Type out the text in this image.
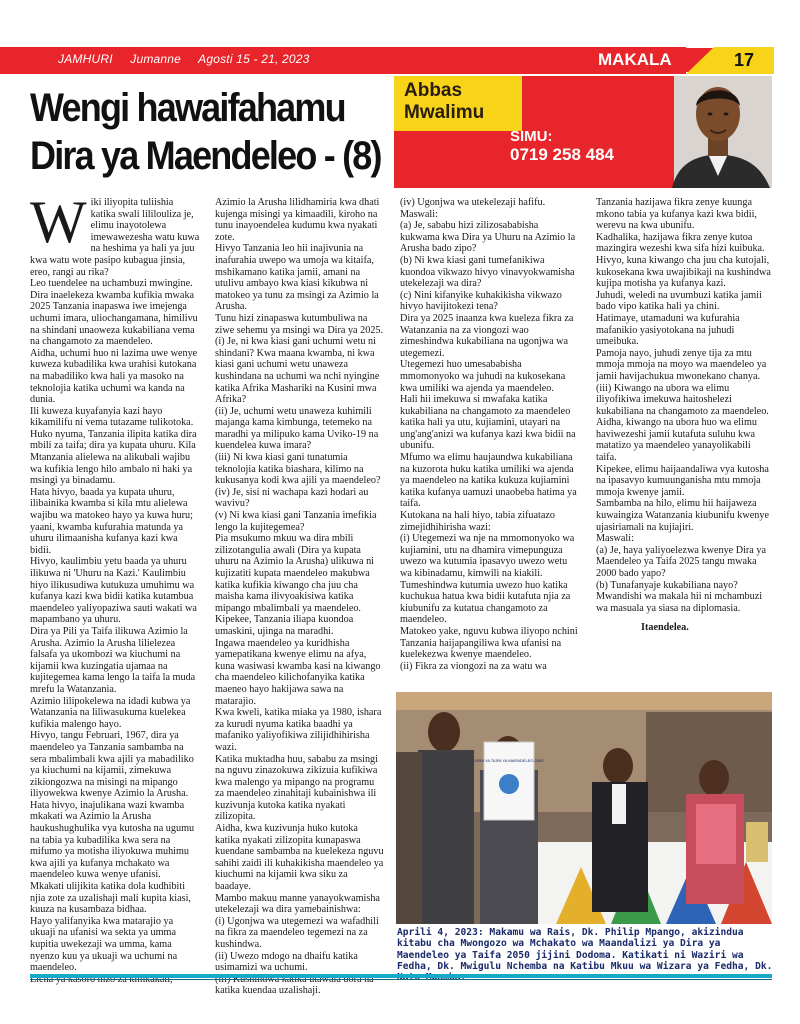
JAMHURI Jumanne Agosti 15 - 21, 2023	MAKALA	17
Wengi hawaifahamu
Dira ya Maendeleo - (8)
Abbas
Mwalimu
SIMU:
0719 258 484

Wiki iliyopita tuliishia katika swali lililouliza je, elimu inayotolewa imewawezesha watu kuwa na heshima ya hali ya juu kwa watu wote pasipo kubagua jinsia, ereo, rangi au rika?

Leo tuendelee na uchambuzi mwingine. Dira inaelekeza kwamba kufikia mwaka 2025 Tanzania inapaswa iwe imejenga uchumi imara, uliochangamana, himilivu na shindani unaoweza kukabiliana vema na changamoto za maendeleo.

Aidha, uchumi huo ni lazima uwe wenye kuweza kubadilika kwa urahisi kutokana na mabadiliko kwa hali ya masoko na teknolojia katika uchumi wa kanda na dunia.

Ili kuweza kuyafanyia kazi hayo kikamilifu ni vema tutazame tulikotoka.

Huko nyuma, Tanzania ilipita katika dira mbili za taifa; dira ya kupata uhuru. Kila Mtanzania alielewa na alikubali wajibu wa kufikia lengo hilo ambalo ni haki ya msingi ya binadamu.

Hata hivyo, baada ya kupata uhuru, ilibainika kwamba si kila mtu alielewa wajibu wa matokeo hayo ya kuwa huru; yaani, kwamba kufurahia matunda ya uhuru ilimaanisha kufanya kazi kwa bidii.

Hivyo, kaulimbiu yetu baada ya uhuru ilikuwa ni 'Uhuru na Kazi.' Kaulimbiu hiyo ilikusudiwa kutukuza umuhimu wa kufanya kazi kwa bidii katika kutambua maendeleo yaliyopaziwa sauti wakati wa mapambano ya uhuru.

Dira ya Pili ya Taifa ilikuwa Azimio la Arusha. Azimio la Arusha lilielezea falsafa ya ukombozi wa kiuchumi na kijamii kwa kuzingatia ujamaa na kujitegemea kama lengo la taifa la muda mrefu la Watanzania.

Azimio lilipokelewa na idadi kubwa ya Watanzania na liliwasukuma kuelekea kufikia malengo hayo.

Hivyo, tangu Februari, 1967, dira ya maendeleo ya Tanzania sambamba na sera mbalimbali kwa ajili ya mabadiliko ya kiuchumi na kijamii, zimekuwa zikiongozwa na misingi na mipango iliyowekwa kwenye Azimio la Arusha.

Hata hivyo, inajulikana wazi kwamba mkakati wa Azimio la Arusha haukushughulika vya kutosha na ugumu na tabia ya kubadilika kwa sera na mifumo ya motisha iliyokuwa muhimu kwa ajili ya kufanya mchakato wa maendeleo kuwa wenye ufanisi.

Mkakati ulijikita katika dola kudhibiti njia zote za uzalishaji mali kupita kiasi, kuuza na kusambaza bidhaa.

Hayo yalifanyika kwa matarajio ya ukuaji na ufanisi wa sekta ya umma kupitia uwekezaji wa umma, kama nyenzo kuu ya ukuaji wa uchumi na maendeleo.

Azimio la Arusha lilidhamiria kwa dhati kujenga misingi ya kimaadili, kiroho na tunu inayoendelea kudumu kwa nyakati zote.

Hivyo Tanzania leo hii inajivunia na inafurahia uwepo wa umoja wa kitaifa, mshikamano katika jamii, amani na utulivu ambayo kwa kiasi kikubwa ni matokeo ya tunu za msingi za Azimio la Arusha.

Tunu hizi zinapaswa kutumbuliwa na ziwe sehemu ya msingi wa Dira ya 2025.

(i) Je, ni kwa kiasi gani uchumi wetu ni shindani? Kwa maana kwamba, ni kwa kiasi gani uchumi wetu unaweza kushindana na uchumi wa nchi nyingine katika Afrika Mashariki na Kusini mwa Afrika?

(ii) Je, uchumi wetu unaweza kuhimili majanga kama kimbunga, tetemeko na maradhi ya milipuko kama Uviko-19 na kuendelea kuwa imara?

(iii) Ni kwa kiasi gani tunatumia teknolojia katika biashara, kilimo na kukusanya kodi kwa ajili ya maendeleo?

(iv) Je, sisi ni wachapa kazi hodari au wavivu?

(v) Ni kwa kiasi gani Tanzania imefikia lengo la kujitegemea?

Pia msukumo mkuu wa dira mbili zilizotangulia awali (Dira ya kupata uhuru na Azimio la Arusha) ulikuwa ni kujizatiti kupata maendeleo makubwa katika kufikia kiwango cha juu cha maisha kama ilivyoakisiwa katika mipango mbalimbali ya maendeleo.

Kipekee, Tanzania iliapa kuondoa umaskini, ujinga na maradhi.

Ingawa maendeleo ya kuridhisha yamepatikana kwenye elimu na afya, kuna wasiwasi kwamba kasi na kiwango cha maendeleo kilichofanyika katika maeneo hayo hakijawa sawa na matarajio.

Kwa kweli, katika miaka ya 1980, ishara za kurudi nyuma katika baadhi ya mafaniko yaliyofikiwa zilijidhihirisha wazi.

Katika muktadha huu, sababu za msingi na nguvu zinazokuwa zikizuia kufikiwa kwa malengo ya mipango na programu za maendeleo zinahitaji kubainishwa ili kuzivunja kutoka katika nyakati zilizopita.

Aidha, kwa kuzivunja huko kutoka katika nyakati zilizopita kunapaswa kuendane sambamba na kuelekeza nguvu sahihi zaidi ili kuhakikisha maendeleo ya kiuchumi na kijamii kwa siku za baadaye.

Mambo makuu manne yanayokwamisha utekelezaji wa dira yamebainishwa:

(i) Ugonjwa wa utegemezi wa wafadhili na fikra za maendeleo tegemezi na za kushindwa.

(ii) Uwezo mdogo na dhaifu katika usimamizi wa uchumi.

katika kuendaa uzalishaji.

(iv) Ugonjwa wa utekelezaji hafifu. Maswali:

(a) Je, sababu hizi zilizosababisha kukwama kwa Dira ya Uhuru na Azimio la Arusha bado zipo?

(b) Ni kwa kiasi gani tumefanikiwa kuondoa vikwazo hivyo vinavyokwamisha utekelezaji wa dira?

(c) Nini kifanyike kuhakikisha vikwazo hivyo havijitokezi tena?

Dira ya 2025 inaanza kwa kueleza fikra za Watanzania na za viongozi wao zimeshindwa kukabiliana na ugonjwa wa utegemezi.

Utegemezi huo umesababisha mmomonyoko wa juhudi na kukosekana kwa umiliki wa ajenda ya maendeleo.

Hali hii imekuwa si mwafaka katika kukabiliana na changamoto za maendeleo katika hali ya utu, kujiamini, utayari na ung'ang'anizi wa kufanya kazi kwa bidii na ubunifu.

Mfumo wa elimu haujaundwa kukabiliana na kuzorota huku katika umiliki wa ajenda ya maendeleo na katika kukuza kujiamini katika kufanya uamuzi unaobeba hatima ya taifa.

Kutokana na hali hiyo, tabia zifuatazo zimejidhihirisha wazi:

(i) Utegemezi wa nje na mmomonyoko wa kujiamini, utu na dhamira vimepunguza uwezo wa kutumia ipasavyo uwezo wetu wa kibinadamu, kimwili na kiakili.

Tumeshindwa kutumia uwezo huo katika kuchukua hatua kwa bidii kutafuta njia za kiubunifu za kutatua changamoto za maendeleo.

Matokeo yake, nguvu kubwa iliyopo nchini Tanzania haijapangiliwa kwa ufanisi na kuelekezwa kwenye maendeleo.

(ii) Fikra za viongozi na za watu wa

Tanzania hazijawa fikra zenye kuunga mkono tabia ya kufanya kazi kwa bidii, werevu na kwa ubunifu.

Kadhalika, hazijawa fikra zenye kutoa mazingira wezeshi kwa sifa hizi kuibuka.

Hivyo, kuna kiwango cha juu cha kutojali, kukosekana kwa uwajibikaji na kushindwa kujipa motisha ya kufanya kazi.

Juhudi, weledi na uvumbuzi katika jamii bado vipo katika hali ya chini.

Hatimaye, utamaduni wa kufurahia mafanikio yasiyotokana na juhudi umeibuka.

Pamoja nayo, juhudi zenye tija za mtu mmoja mmoja na moyo wa maendeleo ya jamii havijachukua mwonekano chanya.

(iii) Kiwango na ubora wa elimu iliyofikiwa imekuwa haitoshelezi kukabiliana na changamoto za maendeleo.

Aidha, kiwango na ubora huo wa elimu haviwezeshi jamii kutafuta suluhu kwa matatizo ya maendeleo yanayolikabili taifa.

Kipekee, elimu haijaandaliwa vya kutosha na ipasavyo kumuunganisha mtu mmoja mmoja kwenye jamii.

Sambamba na hilo, elimu hii haijaweza kuwaingiza Watanzania kiubunifu kwenye ujasiriamali na kujiajiri.

Maswali:

(a) Je, haya yaliyoelezwa kwenye Dira ya Maendeleo ya Taifa 2025 tangu mwaka 2000 bado yapo?

(b) Tunafanyaje kukabiliana nayo?

Mwandishi wa makala hii ni mchambuzi wa masuala ya siasa na diplomasia.

Itaendelea.

DIRA YA TAIFA YA MAENDELEO 2050
Aprili 4, 2023: Makamu wa Rais, Dk. Philip Mpango, akizindua kitabu cha Mwongozo wa Mchakato wa Maandalizi ya Dira ya Maendeleo ya Taifa 2050 jijini Dodoma. Katikati ni Waziri wa Fedha, Dk. Mwigulu Nchemba na Katibu Mkuu wa Wizara ya Fedha, Dk.
